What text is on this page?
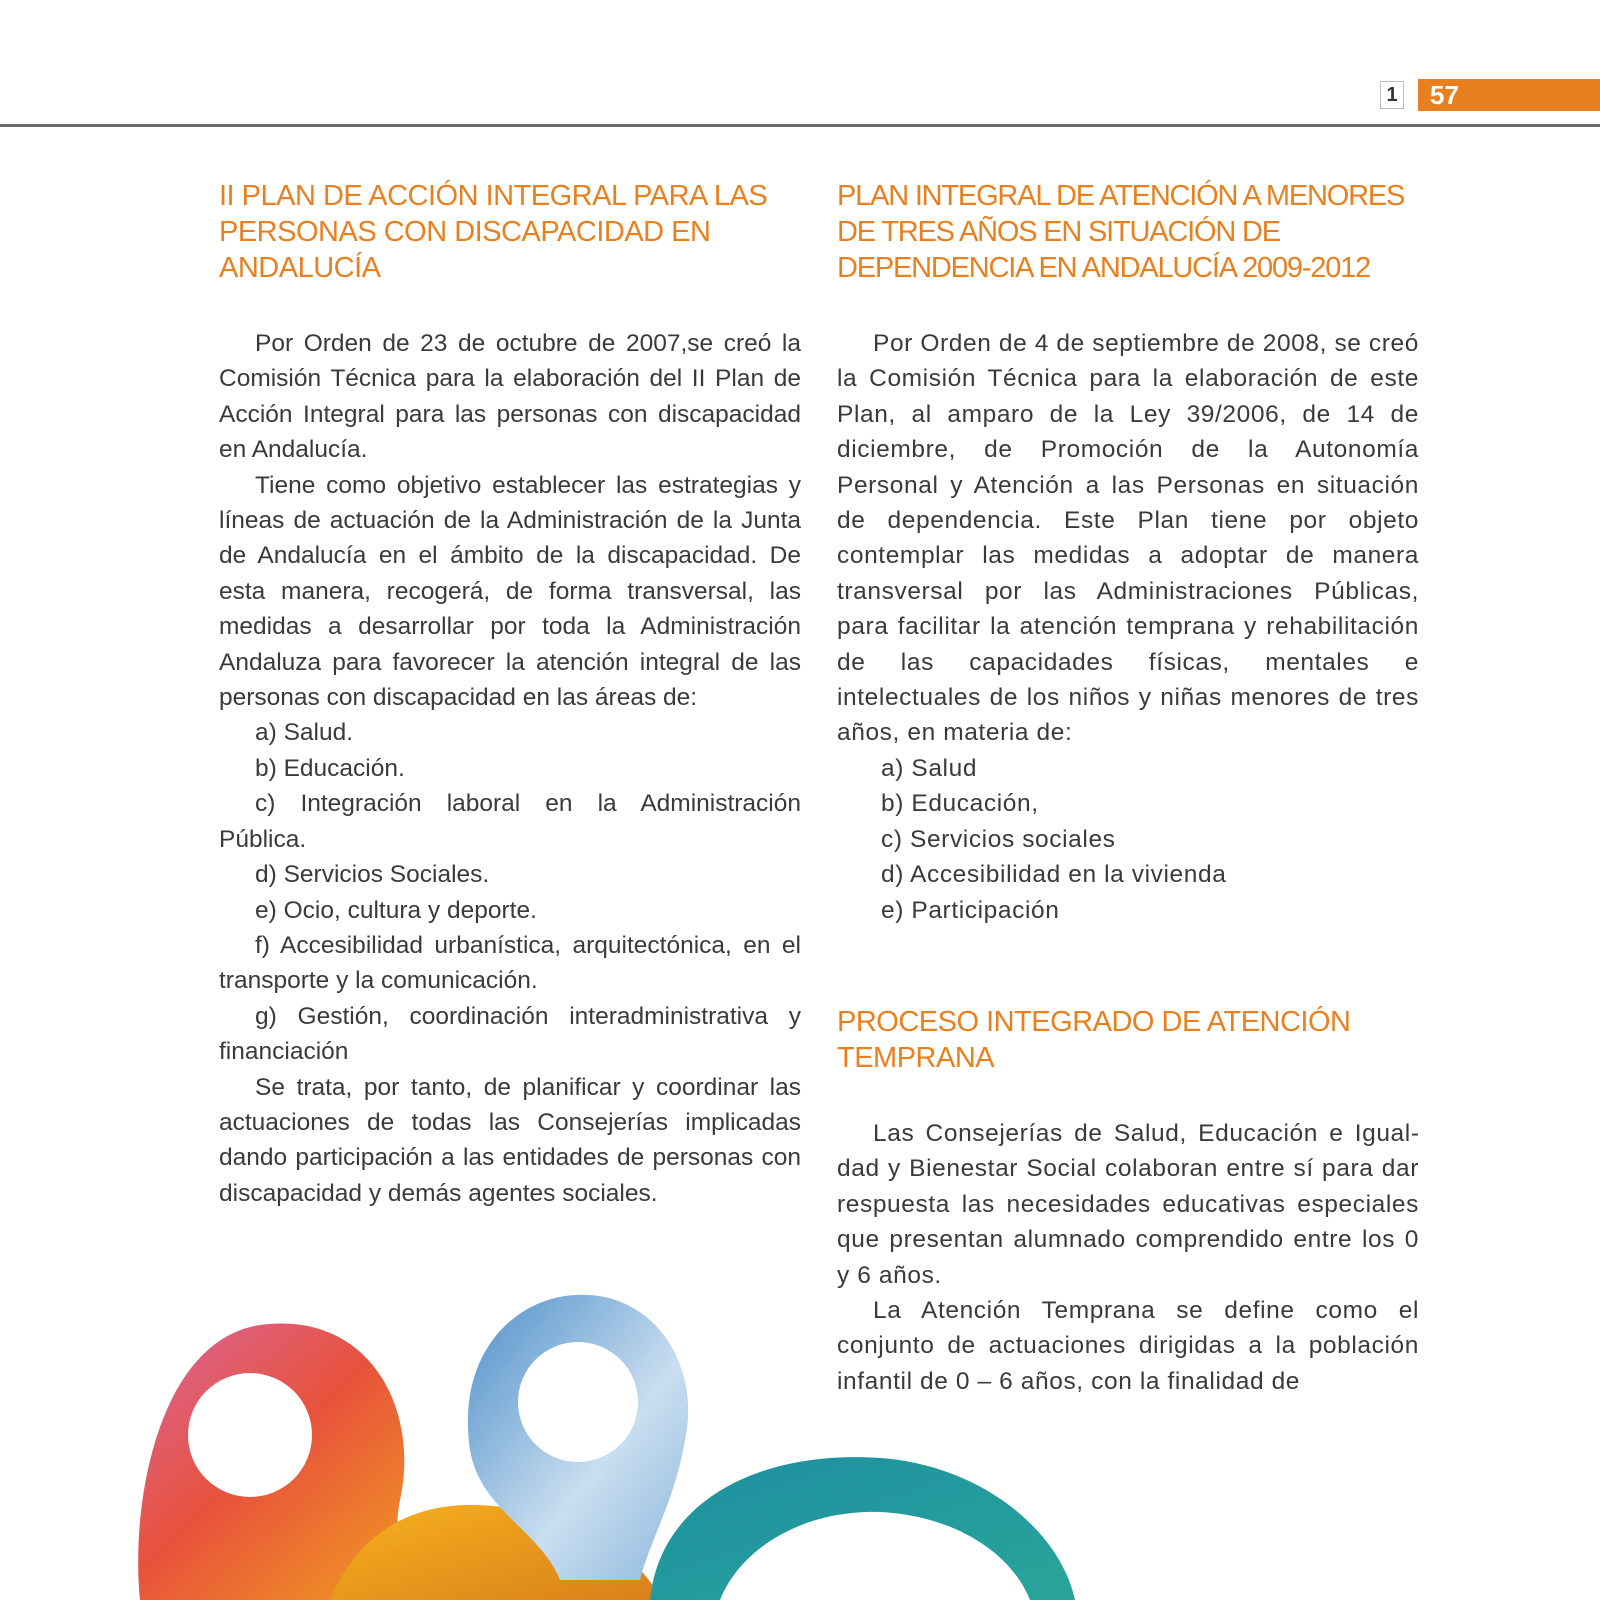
1	57
II PLAN DE ACCIÓN INTEGRAL PARA LAS PERSONAS CON DISCAPACIDAD EN ANDALUCÍA

Por Orden de 23 de octubre de 2007,se creó la Comisión Técnica para la elaboración del II Plan de Acción Integral para las personas con discapacidad en Andalucía.

Tiene como objetivo establecer las estrategias y líneas de actuación de la Administración de la Junta de Andalucía en el ámbito de la discapacidad. De esta manera, recogerá, de forma transversal, las medidas a desarrollar por toda la Administración Andaluza para favorecer la atención integral de las personas con discapacidad en las áreas de:

a) Salud.

b) Educación.

c) Integración laboral en la Administración Pública.

d) Servicios Sociales.

e) Ocio, cultura y deporte.

f) Accesibilidad urbanística, arquitectónica, en el transporte y la comunicación.

g) Gestión, coordinación interadministrativa y financiación

Se trata, por tanto, de planificar y coordinar las actuaciones de todas las Consejerías implicadas dando participación a las entidades de personas con discapacidad y demás agentes sociales.

PLAN INTEGRAL DE ATENCIÓN A MENORES DE TRES AÑOS EN SITUACIÓN DE DEPENDENCIA EN ANDALUCÍA 2009-2012

Por Orden de 4 de septiembre de 2008, se creó la Comisión Técnica para la elaboración de este Plan, al amparo de la Ley 39/2006, de 14 de diciembre, de Promoción de la Autonomía Personal y Atención a las Personas en situación de dependencia. Este Plan tiene por objeto contemplar las medidas a adoptar de manera transversal por las Administraciones Públicas, para facilitar la atención temprana y rehabilitación de las capacidades físicas, mentales e intelectuales de los niños y niñas menores de tres años, en materia de:

a) Salud

b) Educación,

c) Servicios sociales

d) Accesibilidad en la vivienda

e) Participación

PROCESO INTEGRADO DE ATENCIÓN TEMPRANA

Las Consejerías de Salud, Educación e Igualdad y Bienestar Social colaboran entre sí para dar respuesta las necesidades educativas especiales que presentan alumnado comprendido entre los 0 y 6 años.

La Atención Temprana se define como el conjunto de actuaciones dirigidas a la población infantil de 0 – 6 años, con la finalidad de
